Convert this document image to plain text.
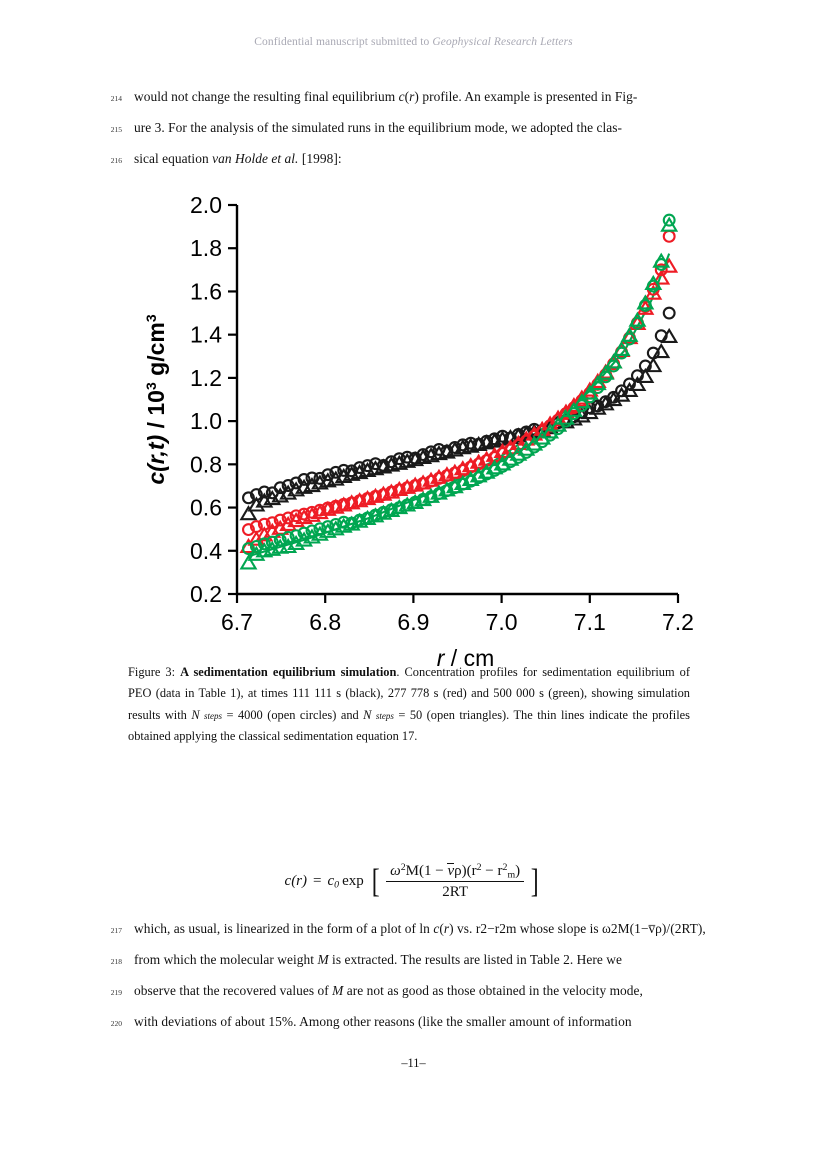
Confidential manuscript submitted to Geophysical Research Letters
214 would not change the resulting final equilibrium c(r) profile. An example is presented in Fig-
215 ure 3. For the analysis of the simulated runs in the equilibrium mode, we adopted the clas-
216 sical equation van Holde et al. [1998]:
0.2
0.4
0.6
0.8
1.0
1.2
1.4
1.6
1.8
2.0
6.7 6.8 6.9 7.0 7.1 7.2
r / cm
$c(r,t) / 10^3$ $g/cm^3$
Figure 3: A sedimentation equilibrium simulation. Concentration profiles for sedimentation equilibrium of PEO (data in Table 1), at times 111 111 s (black), 277 778 s (red) and 500 000 s (green), showing simulation results with N steps = 4000 (open circles) and N steps = 50 (open triangles). The thin lines indicate the profiles obtained applying the classical sedimentation equation 17.
$c(r) = c_0$ exp [ $\frac{\omega^2M(1 - \nu\rho)(r^2 - r^2_m)}{2RT}$ ]
217 which, as usual, is linearized in the form of a plot of ln c(r) vs. r2−r2m whose slope is ω2M(1−v̅ρ)/(2RT),
218 from which the molecular weight M is extracted. The results are listed in Table 2. Here we
219 observe that the recovered values of M are not as good as those obtained in the velocity mode,
220 with deviations of about 15%. Among other reasons (like the smaller amount of information
–11–
